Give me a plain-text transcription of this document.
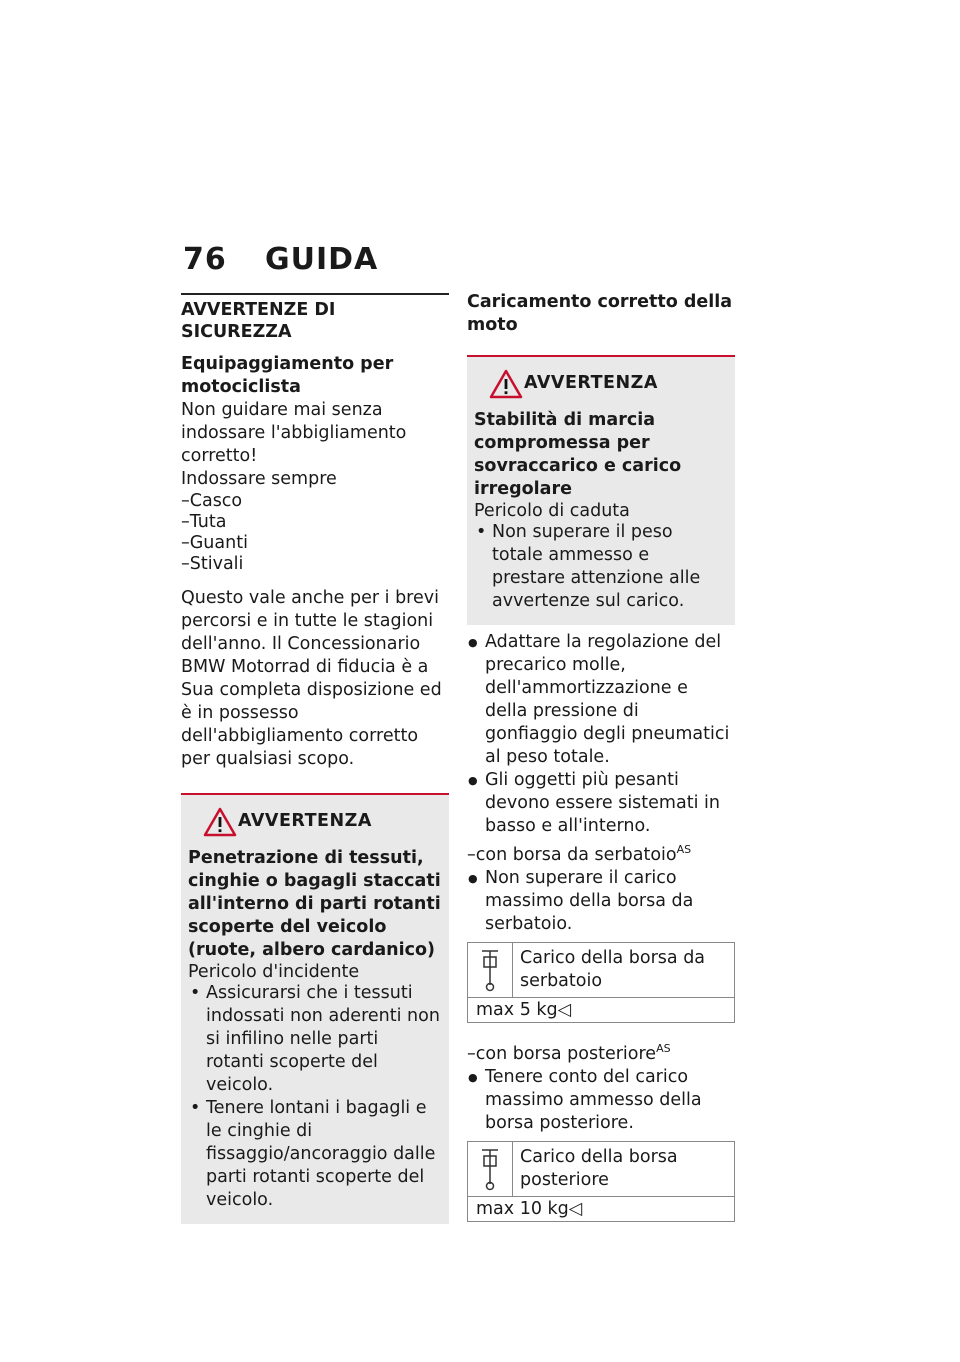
76 GUIDA
AVVERTENZE DI SICUREZZA

Equipaggiamento per motociclista

Non guidare mai senza indossare l'abbigliamento corretto!

Indossare sempre

– Casco
– Tuta
– Guanti
– Stivali

Questo vale anche per i brevi percorsi e in tutte le stagioni dell'anno. Il Concessionario BMW Motorrad di fiducia è a Sua completa disposizione ed è in possesso dell'abbigliamento corretto per qualsiasi scopo.

AVVERTENZA

Penetrazione di tessuti, cinghie o bagagli staccati all'interno di parti rotanti scoperte del veicolo (ruote, albero cardanico)

Pericolo d'incidente

• Assicurarsi che i tessuti indossati non aderenti non si infilino nelle parti rotanti scoperte del veicolo.
• Tenere lontani i bagagli e le cinghie di fissaggio/ancoraggio dalle parti rotanti scoperte del veicolo.

Caricamento corretto della moto

AVVERTENZA

Stabilità di marcia compromessa per sovraccarico e carico irregolare

Pericolo di caduta

• Non superare il peso totale ammesso e prestare attenzione alle avvertenze sul carico.
● Adattare la regolazione del precarico molle, dell'ammortizzazione e della pressione di gonfiaggio degli pneumatici al peso totale.
● Gli oggetti più pesanti devono essere sistemati in basso e all'interno.
–con borsa da serbatoio$^{AS}$
● Non superare il carico massimo della borsa da serbatoio.
Carico della borsa da serbatoio
max 5 kg◁
–con borsa posteriore$^{AS}$
● Tenere conto del carico massimo ammesso della borsa posteriore.
Carico della borsa posteriore
max 10 kg◁
